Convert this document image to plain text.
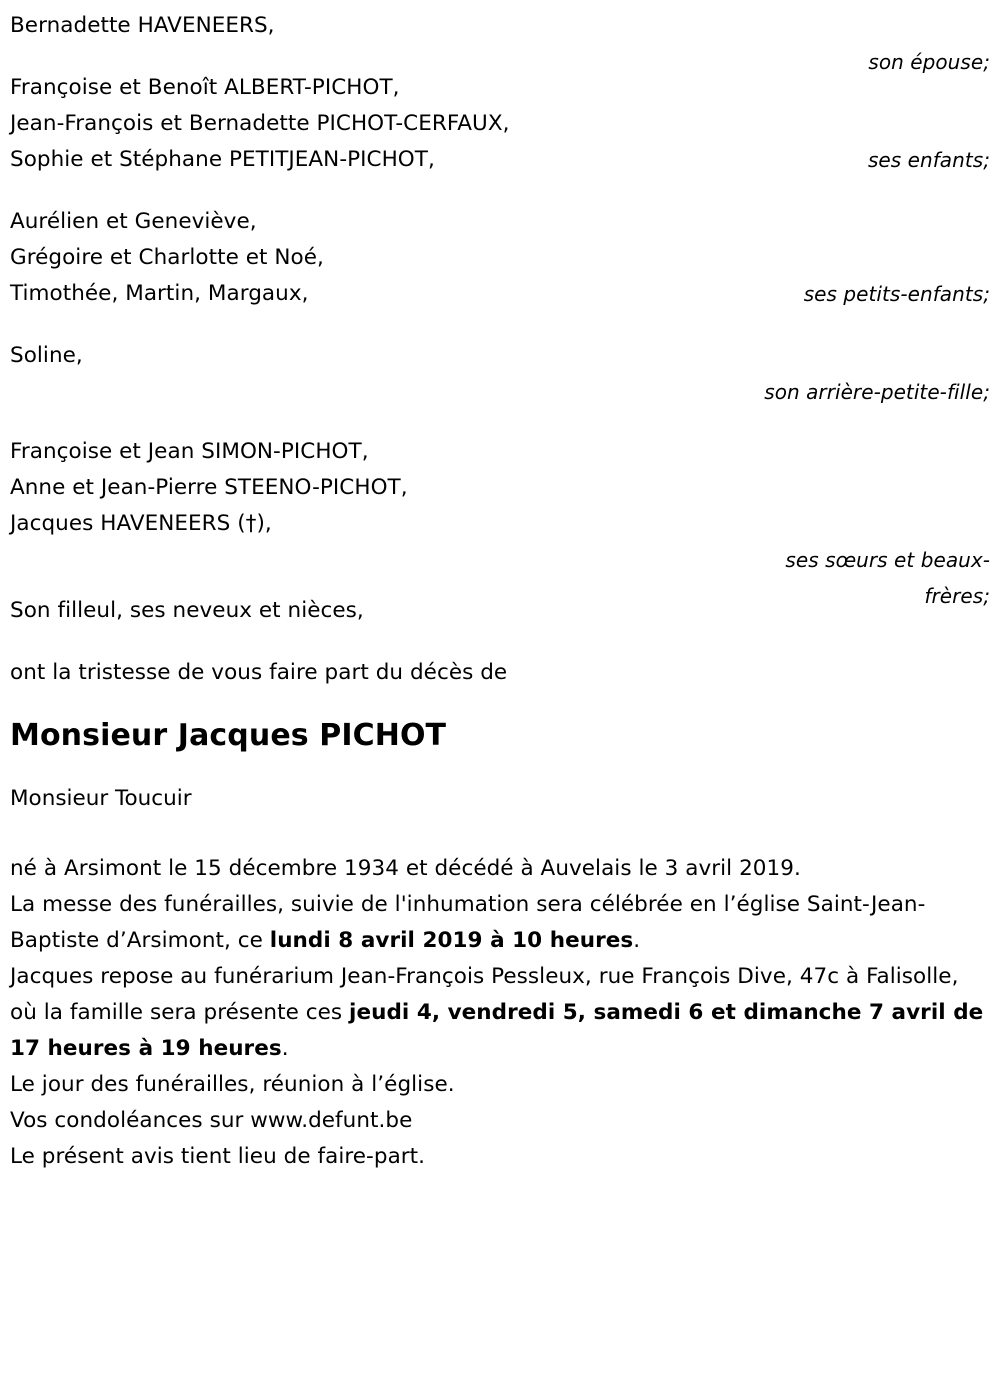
Bernadette HAVENEERS,
son épouse;
Françoise et Benoît ALBERT-PICHOT,
Jean-François et Bernadette PICHOT-CERFAUX,
Sophie et Stéphane PETITJEAN-PICHOT,	ses enfants;
Aurélien et Geneviève,
Grégoire et Charlotte et Noé,
Timothée, Martin, Margaux,	ses petits-enfants;
Soline,
son arrière-petite-fille;
Françoise et Jean SIMON-PICHOT,
Anne et Jean-Pierre STEENO-PICHOT,
Jacques HAVENEERS (†),
ses sœurs et beaux-frères;
Son filleul, ses neveux et nièces,
ont la tristesse de vous faire part du décès de
Monsieur Jacques PICHOT
Monsieur Toucuir
né à Arsimont le 15 décembre 1934 et décédé à Auvelais le 3 avril 2019.
La messe des funérailles, suivie de l'inhumation sera célébrée en l’église Saint-Jean-Baptiste d’Arsimont, ce lundi 8 avril 2019 à 10 heures.
Jacques repose au funérarium Jean-François Pessleux, rue François Dive, 47c à Falisolle, où la famille sera présente ces jeudi 4, vendredi 5, samedi 6 et dimanche 7 avril de 17 heures à 19 heures.
Le jour des funérailles, réunion à l’église.
Vos condoléances sur www.defunt.be
Le présent avis tient lieu de faire-part.
